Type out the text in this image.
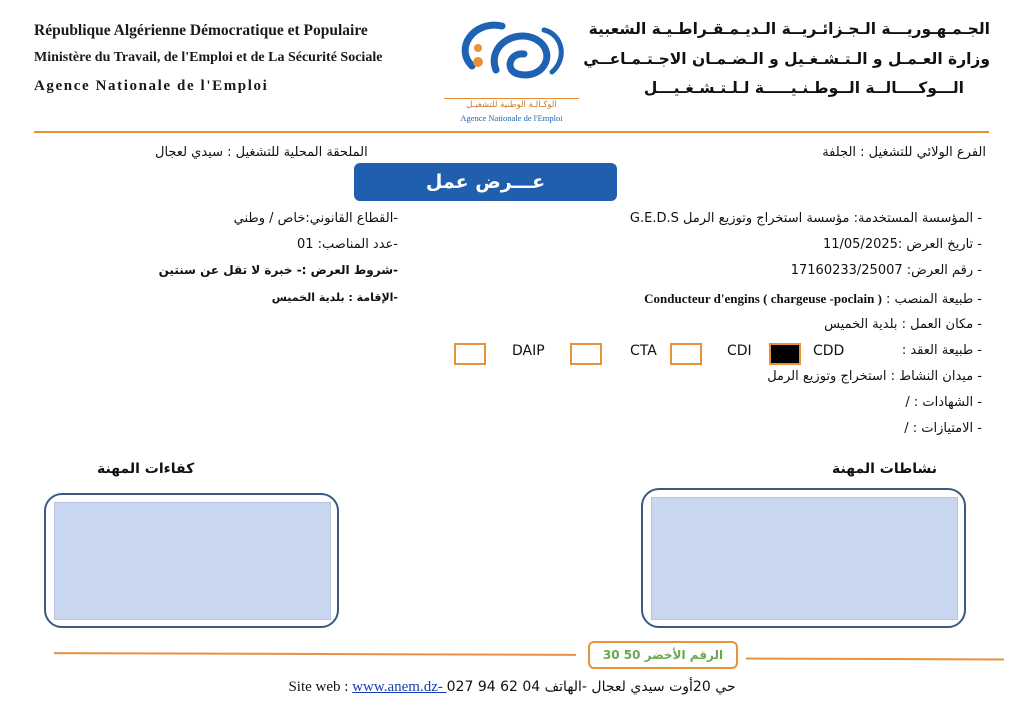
République Algérienne Démocratique et Populaire
Ministère du Travail, de l'Emploi et de La Sécurité Sociale
Agence Nationale de l'Emploi
الوكـالـة الوطنية للتشغيـل
Agence Nationale de l'Emploi
الجـمـهـوريـــة الـجـزائـريــة الـديـمـقـراطـيـة الشعبية
وزارة العـمـل و الـتـشـغـيل و الـضـمـان الاجـتـمـاعــي
الـــوكــــالــة الــوطـنـيـــــة لـلـتـشـغـيـــل
الفرع الولائي للتشغيل : الجلفة
الملحقة المحلية للتشغيل : سيدي لعجال
عـــرض عمل
- المؤسسة المستخدمة: مؤسسة استخراج وتوزيع الرمل G.E.D.S
- تاريخ العرض :11/05/2025
- رقم العرض: 17160233/25007
- طبيعة المنصب : Conducteur d'engins ( chargeuse -poclain )
- مكان العمل : بلدية الخميس
- طبيعة العقد :
- ميدان النشاط : استخراج وتوزيع الرمل
- الشهادات : /
- الامتيازات : /
-القطاع القانوني:خاص / وطني
-عدد المناصب: 01
-شروط العرض :- خبرة لا تقل عن سنتين
-الإقامة : بلدية الخميس
CDD
CDI
CTA
DAIP
نشاطات المهنة
كفاءات المهنة
الرقم الأخضر 50 30
Site web : www.anem.dz- حي 20أوت سيدي لعجال -الهاتف 04 62 94 027
